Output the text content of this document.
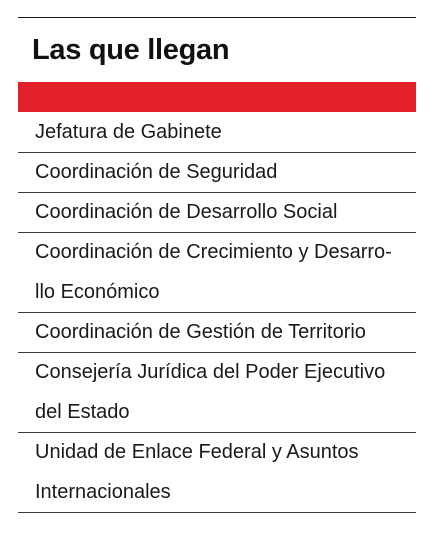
Las que llegan
Jefatura de Gabinete
Coordinación de Seguridad
Coordinación de Desarrollo Social
Coordinación de Crecimiento y Desarro-
llo Económico
Coordinación de Gestión de Territorio
Consejería Jurídica del Poder Ejecutivo
del Estado
Unidad de Enlace Federal y Asuntos
Internacionales
